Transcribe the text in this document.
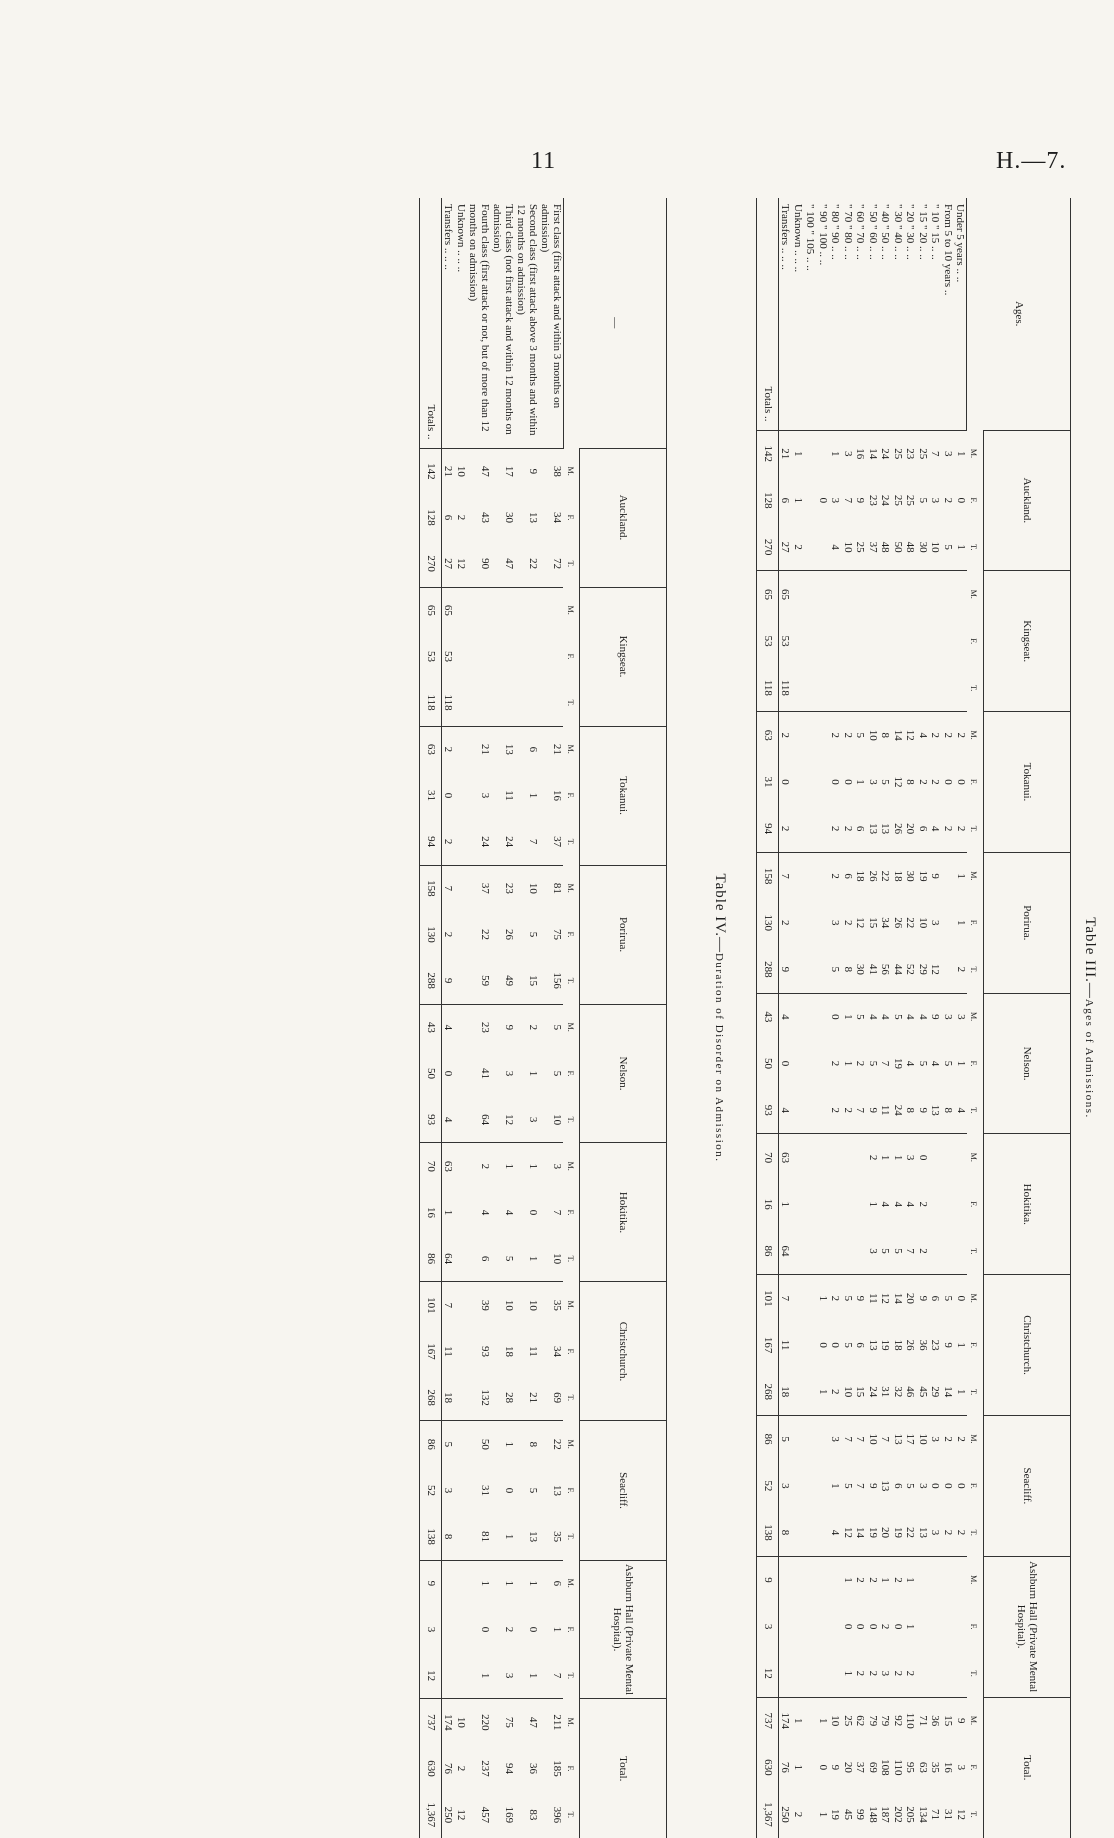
11	H.—7.
Table III.—Ages of Admissions.
Ages.	Auckland.			Kingseat.			Tokanui.			Porirua.			Nelson.			Hokitika.			Christchurch.			Seacliff.			Ashburn Hall (Private Mental Hospital).			Total.		
	M.	F.	T.	M.	F.	T.	M.	F.	T.	M.	F.	T.	M.	F.	T.	M.	F.	T.	M.	F.	T.	M.	F.	T.	M.	F.	T.	M.	F.	T.
Under 5 years .. ..	1	0	1				2	0	2	1	1	2	3	1	4				0	1	1	2	0	2				9	3	12
From 5 to 10 years ..	3	2	5				2	0	2				3	5	8				5	9	14	2	0	2				15	16	31
" 10 " 15 .. ..	7	3	10				2	2	4	9	3	12	9	4	13				6	23	29	3	0	3				36	35	71
" 15 " 20 .. ..	25	5	30				4	2	6	19	10	29	4	5	9	0	2	2	9	36	45	10	3	13				71	63	134
" 20 " 30 .. ..	23	25	48				12	8	20	30	22	52	4	4	8	3	4	7	20	26	46	17	5	22	1	1	2	110	95	205
" 30 " 40 .. ..	25	25	50				14	12	26	18	26	44	5	19	24	1	4	5	14	18	32	13	6	19	2	0	2	92	110	202
" 40 " 50 .. ..	24	24	48				8	5	13	22	34	56	4	7	11	1	4	5	12	19	31	7	13	20	1	2	3	79	108	187
" 50 " 60 .. ..	14	23	37				10	3	13	26	15	41	4	5	9	2	1	3	11	13	24	10	9	19	2	0	2	79	69	148
" 60 " 70 .. ..	16	9	25				5	1	6	18	12	30	5	2	7				9	6	15	7	7	14	2	0	2	62	37	99
" 70 " 80 .. ..	3	7	10				2	0	2	6	2	8	1	1	2				5	5	10	7	5	12	1	0	1	25	20	45
" 80 " 90 .. ..	1	3	4				2	0	2	2	3	5	0	2	2				2	0	2	3	1	4				10	9	19
" 90 " 100 .. ..		0																	1	0	1							1	0	1
" 100 " 105 .. ..																														
Unknown .. .. ..	1	1	2																									1	1	2
Transfers .. .. ..	21	6	27	65	53	118	2	0	2	7	2	9	4	0	4	63	1	64	7	11	18	5	3	8				174	76	250
Totals ..	142	128	270	65	53	118	63	31	94	158	130	288	43	50	93	70	16	86	101	167	268	86	52	138	9	3	12	737	630	1,367
Table IV.—Duration of Disorder on Admission.
—	Auckland.			Kingseat.			Tokanui.			Porirua.			Nelson.			Hokitika.			Christchurch.			Seacliff.			Ashburn Hall (Private Mental Hospital).			Total.		
	M.	F.	T.	M.	F.	T.	M.	F.	T.	M.	F.	T.	M.	F.	T.	M.	F.	T.	M.	F.	T.	M.	F.	T.	M.	F.	T.	M.	F.	T.
First class (first attack and within 3 months on admission)	38	34	72				21	16	37	81	75	156	5	5	10	3	7	10	35	34	69	22	13	35	6	1	7	211	185	396
Second class (first attack above 3 months and within 12 months on admission)	9	13	22				6	1	7	10	5	15	2	1	3	1	0	1	10	11	21	8	5	13	1	0	1	47	36	83
Third class (not first attack and within 12 months on admission)	17	30	47				13	11	24	23	26	49	9	3	12	1	4	5	10	18	28	1	0	1	1	2	3	75	94	169
Fourth class (first attack or not, but of more than 12 months on admission)	47	43	90				21	3	24	37	22	59	23	41	64	2	4	6	39	93	132	50	31	81	1	0	1	220	237	457
Unknown .. .. ..	10	2	12																									10	2	12
Transfers .. .. ..	21	6	27	65	53	118	2	0	2	7	2	9	4	0	4	63	1	64	7	11	18	5	3	8				174	76	250
Totals ..	142	128	270	65	53	118	63	31	94	158	130	288	43	50	93	70	16	86	101	167	268	86	52	138	9	3	12	737	630	1,367
